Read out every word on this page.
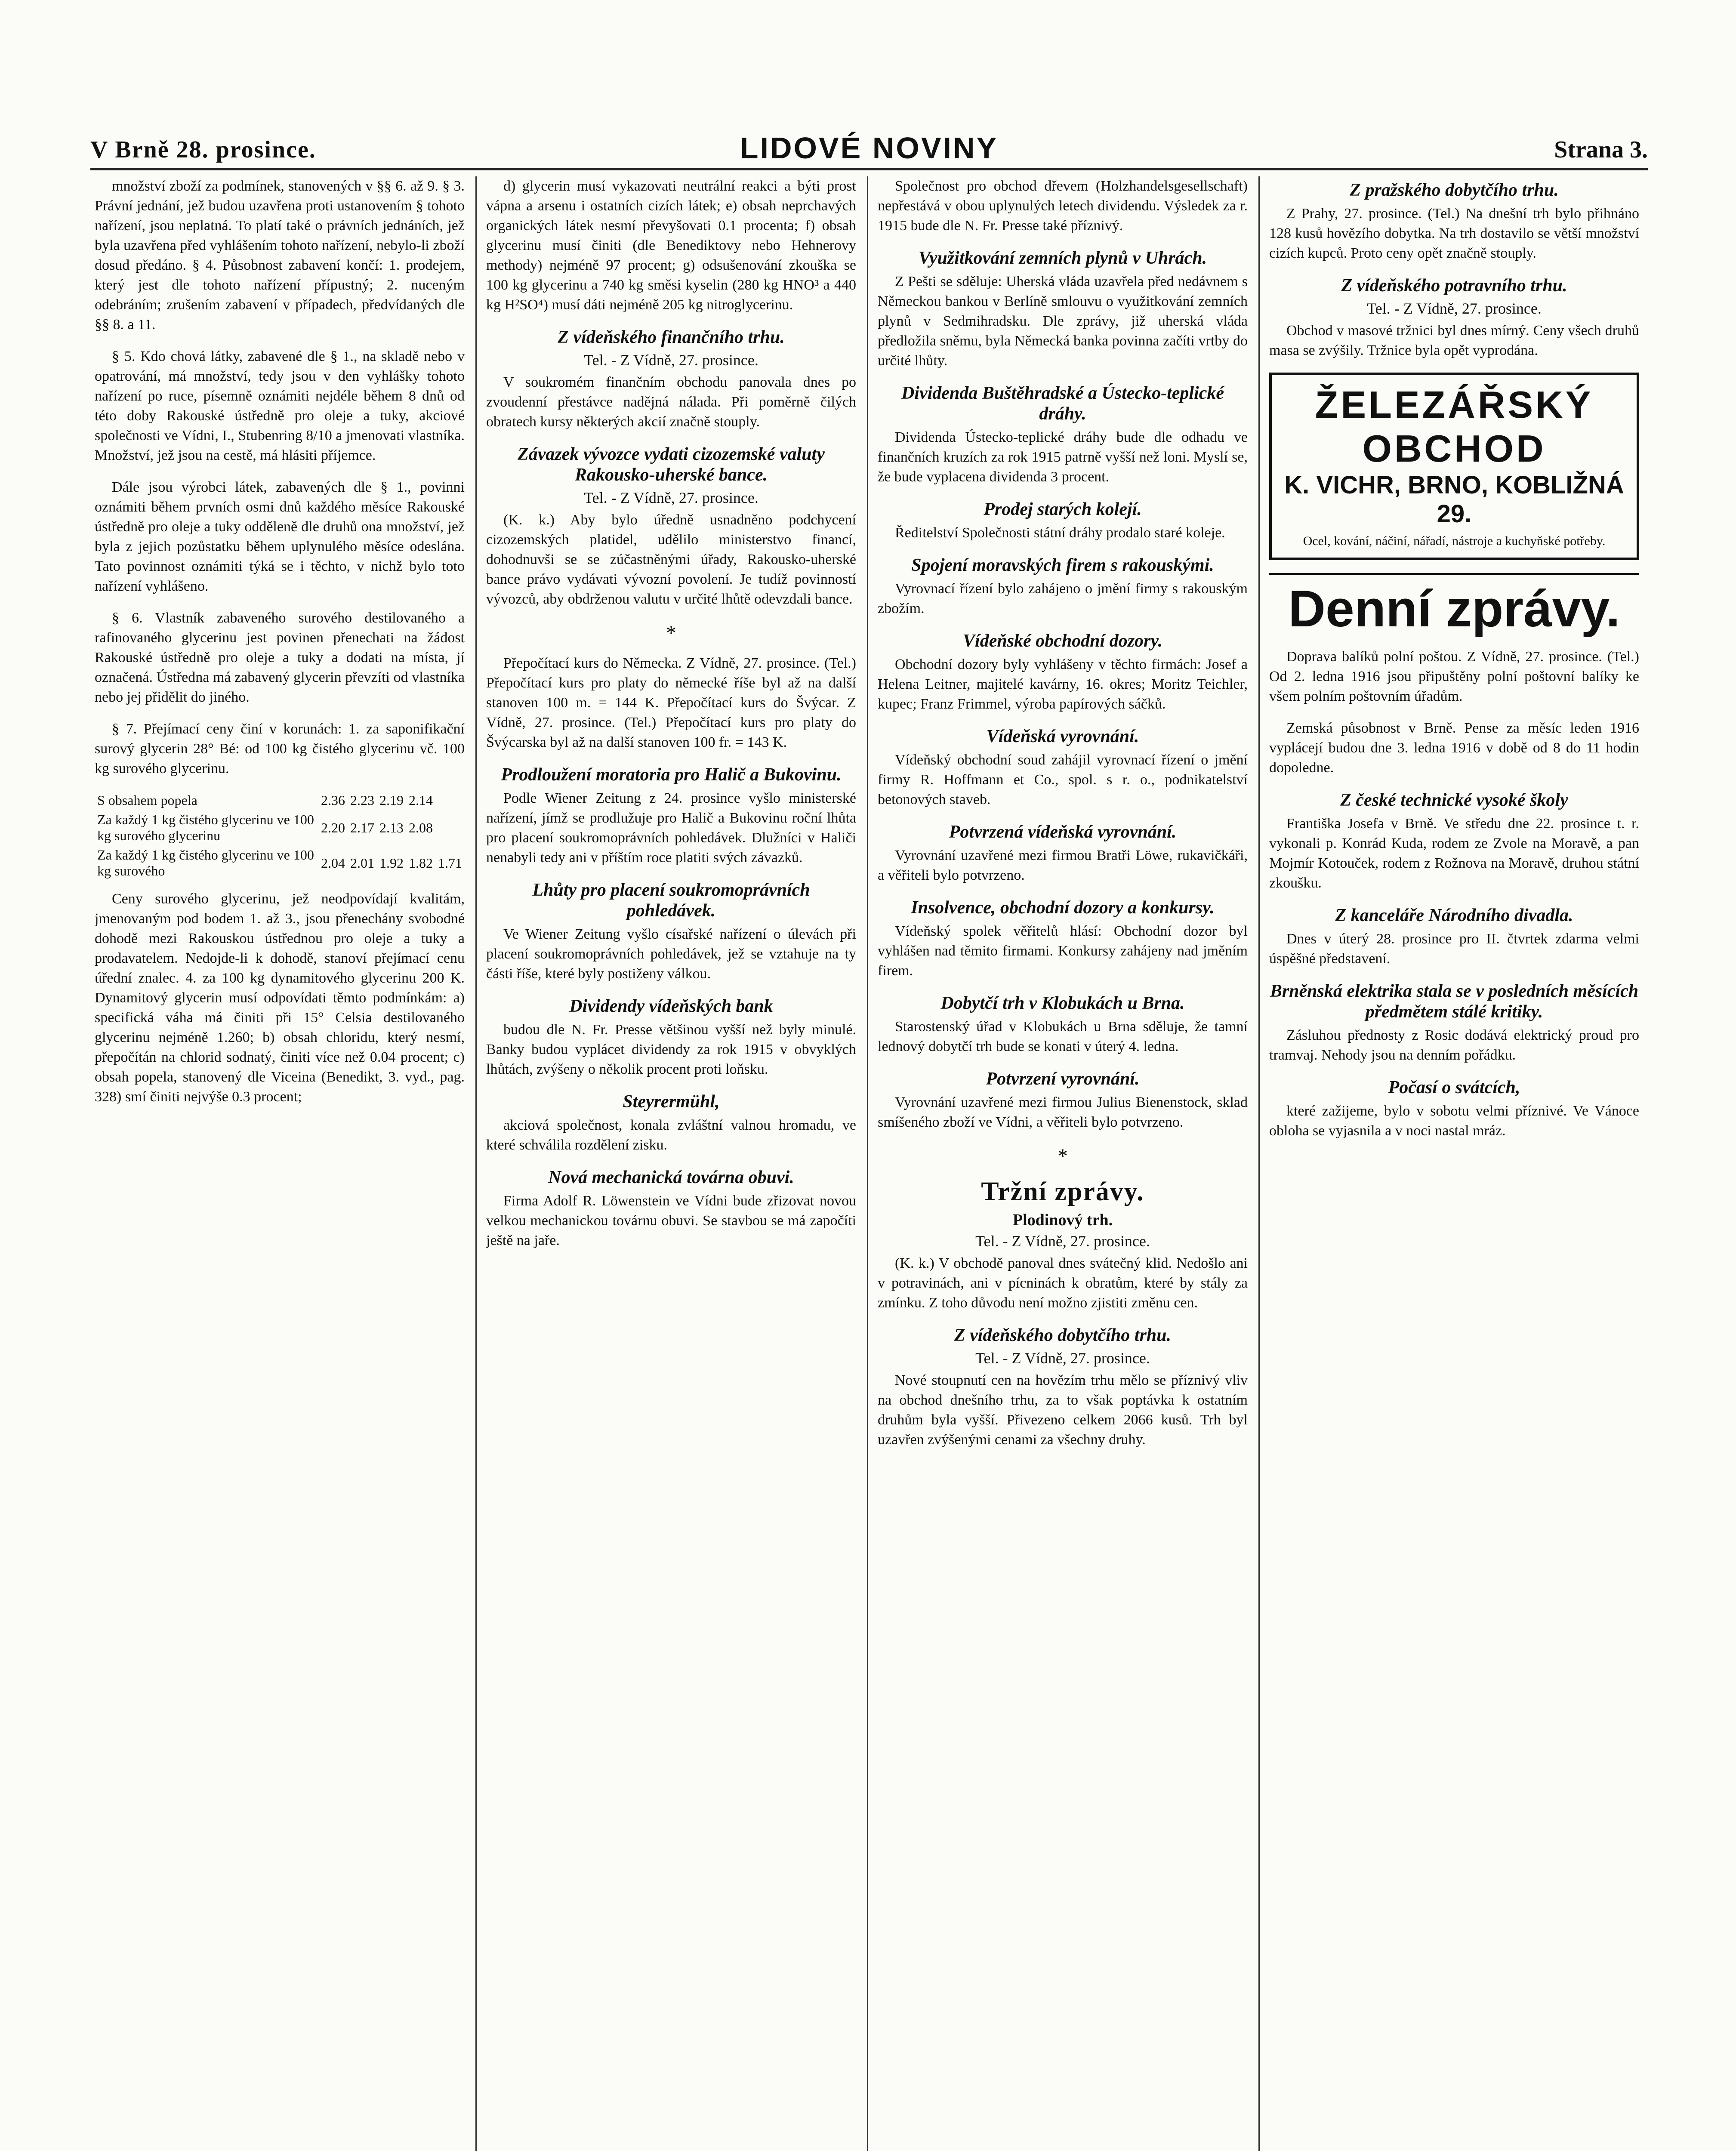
V Brně 28. prosince.	LIDOVÉ NOVINY	Strana 3.

množství zboží za podmínek, stanovených v §§ 6. až 9. § 3. Právní jednání, jež budou uzavřena proti ustanovením § tohoto nařízení, jsou neplatná. To platí také o právních jednáních, jež byla uzavřena před vyhlášením tohoto nařízení, nebylo-li zboží dosud předáno. § 4. Působnost zabavení končí: 1. prodejem, který jest dle tohoto nařízení přípustný; 2. nuceným odebráním; zrušením zabavení v případech, předvídaných dle §§ 8. a 11.

§ 5. Kdo chová látky, zabavené dle § 1., na skladě nebo v opatrování, má množství, tedy jsou v den vyhlášky tohoto nařízení po ruce, písemně oznámiti nejdéle během 8 dnů od této doby Rakouské ústředně pro oleje a tuky, akciové společnosti ve Vídni, I., Stubenring 8/10 a jmenovati vlastníka. Množství, jež jsou na cestě, má hlásiti příjemce.

Dále jsou výrobci látek, zabavených dle § 1., povinni oznámiti během prvních osmi dnů každého měsíce Rakouské ústředně pro oleje a tuky odděleně dle druhů ona množství, jež byla z jejich pozůstatku během uplynulého měsíce odeslána. Tato povinnost oznámiti týká se i těchto, v nichž bylo toto nařízení vyhlášeno.

§ 6. Vlastník zabaveného surového destilovaného a rafinovaného glycerinu jest povinen přenechati na žádost Rakouské ústředně pro oleje a tuky a dodati na místa, jí označená. Ústředna má zabavený glycerin převzíti od vlastníka nebo jej přidělit do jiného.

§ 7. Přejímací ceny činí v korunách: 1. za saponifikační surový glycerin 28° Bé: od 100 kg čistého glycerinu vč. 100 kg surového glycerinu.

S obsahem popela	2.36	2.23	2.19	2.14	
Za každý 1 kg čistého glycerinu ve 100 kg surového glycerinu	2.20	2.17	2.13	2.08	
Za každý 1 kg čistého glycerinu ve 100 kg surového	2.04	2.01	1.92	1.82	1.71

Ceny surového glycerinu, jež neodpovídají kvalitám, jmenovaným pod bodem 1. až 3., jsou přenechány svobodné dohodě mezi Rakouskou ústřednou pro oleje a tuky a prodavatelem. Nedojde-li k dohodě, stanoví přejímací cenu úřední znalec. 4. za 100 kg dynamitového glycerinu 200 K. Dynamitový glycerin musí odpovídati těmto podmínkám: a) specifická váha má činiti při 15° Celsia destilovaného glycerinu nejméně 1.260; b) obsah chloridu, který nesmí, přepočítán na chlorid sodnatý, činiti více než 0.04 procent; c) obsah popela, stanovený dle Viceina (Benedikt, 3. vyd., pag. 328) smí činiti nejvýše 0.3 procent;

d) glycerin musí vykazovati neutrální reakci a býti prost vápna a arsenu i ostatních cizích látek; e) obsah neprchavých organických látek nesmí převyšovati 0.1 procenta; f) obsah glycerinu musí činiti (dle Benediktovy nebo Hehnerovy methody) nejméně 97 procent; g) odsušenování zkouška se 100 kg glycerinu a 740 kg směsi kyselin (280 kg HNO³ a 440 kg H²SO⁴) musí dáti nejméně 205 kg nitroglycerinu.

Z vídeňského finančního trhu.
Tel. - Z Vídně, 27. prosince.

V soukromém finančním obchodu panovala dnes po zvoudenní přestávce nadějná nálada. Při poměrně čilých obratech kursy některých akcií značně stouply.

Závazek vývozce vydati cizozemské valuty Rakousko-uherské bance.
Tel. - Z Vídně, 27. prosince.

(K. k.) Aby bylo úředně usnadněno podchycení cizozemských platidel, udělilo ministerstvo financí, dohodnuvši se se zúčastněnými úřady, Rakousko-uherské bance právo vydávati vývozní povolení. Je tudíž povinností vývozců, aby obdrženou valutu v určité lhůtě odevzdali bance.

*

Přepočítací kurs do Německa. Z Vídně, 27. prosince. (Tel.) Přepočítací kurs pro platy do německé říše byl až na další stanoven 100 m. = 144 K. Přepočítací kurs do Švýcar. Z Vídně, 27. prosince. (Tel.) Přepočítací kurs pro platy do Švýcarska byl až na další stanoven 100 fr. = 143 K.

Prodloužení moratoria pro Halič a Bukovinu.

Podle Wiener Zeitung z 24. prosince vyšlo ministerské nařízení, jímž se prodlužuje pro Halič a Bukovinu roční lhůta pro placení soukromoprávních pohledávek. Dlužníci v Haliči nenabyli tedy ani v příštím roce platiti svých závazků.

Lhůty pro placení soukromoprávních pohledávek.

Ve Wiener Zeitung vyšlo císařské nařízení o úlevách při placení soukromoprávních pohledávek, jež se vztahuje na ty části říše, které byly postiženy válkou.

Dividendy vídeňských bank

budou dle N. Fr. Presse většinou vyšší než byly minulé. Banky budou vyplácet dividendy za rok 1915 v obvyklých lhůtách, zvýšeny o několik procent proti loňsku.

Steyrermühl,

akciová společnost, konala zvláštní valnou hromadu, ve které schválila rozdělení zisku.

Nová mechanická továrna obuvi.

Firma Adolf R. Löwenstein ve Vídni bude zřizovat novou velkou mechanickou továrnu obuvi. Se stavbou se má započíti ještě na jaře.

Společnost pro obchod dřevem (Holzhandelsgesellschaft) nepřestává v obou uplynulých letech dividendu. Výsledek za r. 1915 bude dle N. Fr. Presse také příznivý.

Využitkování zemních plynů v Uhrách.

Z Pešti se sděluje: Uherská vláda uzavřela před nedávnem s Německou bankou v Berlíně smlouvu o využitkování zemních plynů v Sedmihradsku. Dle zprávy, již uherská vláda předložila sněmu, byla Německá banka povinna začíti vrtby do určité lhůty.

Dividenda Buštěhradské a Ústecko-teplické dráhy.

Dividenda Ústecko-teplické dráhy bude dle odhadu ve finančních kruzích za rok 1915 patrně vyšší než loni. Myslí se, že bude vyplacena dividenda 3 procent.

Prodej starých kolejí.

Ředitelství Společnosti státní dráhy prodalo staré koleje.

Spojení moravských firem s rakouskými.

Vyrovnací řízení bylo zahájeno o jmění firmy s rakouským zbožím.

Vídeňské obchodní dozory.

Obchodní dozory byly vyhlášeny v těchto firmách: Josef a Helena Leitner, majitelé kavárny, 16. okres; Moritz Teichler, kupec; Franz Frimmel, výroba papírových sáčků.

Vídeňská vyrovnání.

Vídeňský obchodní soud zahájil vyrovnací řízení o jmění firmy R. Hoffmann et Co., spol. s r. o., podnikatelství betonových staveb.

Potvrzená vídeňská vyrovnání.

Vyrovnání uzavřené mezi firmou Bratři Löwe, rukavičkáři, a věřiteli bylo potvrzeno.

Insolvence, obchodní dozory a konkursy.

Vídeňský spolek věřitelů hlásí: Obchodní dozor byl vyhlášen nad těmito firmami. Konkursy zahájeny nad jměním firem.

Dobytčí trh v Klobukách u Brna.

Starostenský úřad v Klobukách u Brna sděluje, že tamní lednový dobytčí trh bude se konati v úterý 4. ledna.

Potvrzení vyrovnání.

Vyrovnání uzavřené mezi firmou Julius Bienenstock, sklad smíšeného zboží ve Vídni, a věřiteli bylo potvrzeno.

*
Tržní zprávy.
Plodinový trh.
Tel. - Z Vídně, 27. prosince.

(K. k.) V obchodě panoval dnes svátečný klid. Nedošlo ani v potravinách, ani v pícninách k obratům, které by stály za zmínku. Z toho důvodu není možno zjistiti změnu cen.

Z vídeňského dobytčího trhu.
Tel. - Z Vídně, 27. prosince.

Nové stoupnutí cen na hovězím trhu mělo se příznivý vliv na obchod dnešního trhu, za to však poptávka k ostatním druhům byla vyšší. Přivezeno celkem 2066 kusů. Trh byl uzavřen zvýšenými cenami za všechny druhy.

Z pražského dobytčího trhu.

Z Prahy, 27. prosince. (Tel.) Na dnešní trh bylo přihnáno 128 kusů hovězího dobytka. Na trh dostavilo se větší množství cizích kupců. Proto ceny opět značně stouply.

Z vídeňského potravního trhu.
Tel. - Z Vídně, 27. prosince.

Obchod v masové tržnici byl dnes mírný. Ceny všech druhů masa se zvýšily. Tržnice byla opět vyprodána.

ŽELEZÁŘSKÝ OBCHOD
K. VICHR, BRNO, KOBLIŽNÁ 29.
Ocel, kování, náčiní, nářadí, nástroje a kuchyňské potřeby.
Denní zprávy.

Doprava balíků polní poštou. Z Vídně, 27. prosince. (Tel.) Od 2. ledna 1916 jsou připuštěny polní poštovní balíky ke všem polním poštovním úřadům.

Zemská působnost v Brně. Pense za měsíc leden 1916 vyplácejí budou dne 3. ledna 1916 v době od 8 do 11 hodin dopoledne.

Z české technické vysoké školy

Františka Josefa v Brně. Ve středu dne 22. prosince t. r. vykonali p. Konrád Kuda, rodem ze Zvole na Moravě, a pan Mojmír Kotouček, rodem z Rožnova na Moravě, druhou státní zkoušku.

Z kanceláře Národního divadla.

Dnes v úterý 28. prosince pro II. čtvrtek zdarma velmi úspěšné představení.

Brněnská elektrika stala se v posledních měsících předmětem stálé kritiky.

Zásluhou přednosty z Rosic dodává elektrický proud pro tramvaj. Nehody jsou na denním pořádku.

Počasí o svátcích,

které zažijeme, bylo v sobotu velmi příznivé. Ve Vánoce obloha se vyjasnila a v noci nastal mráz.
